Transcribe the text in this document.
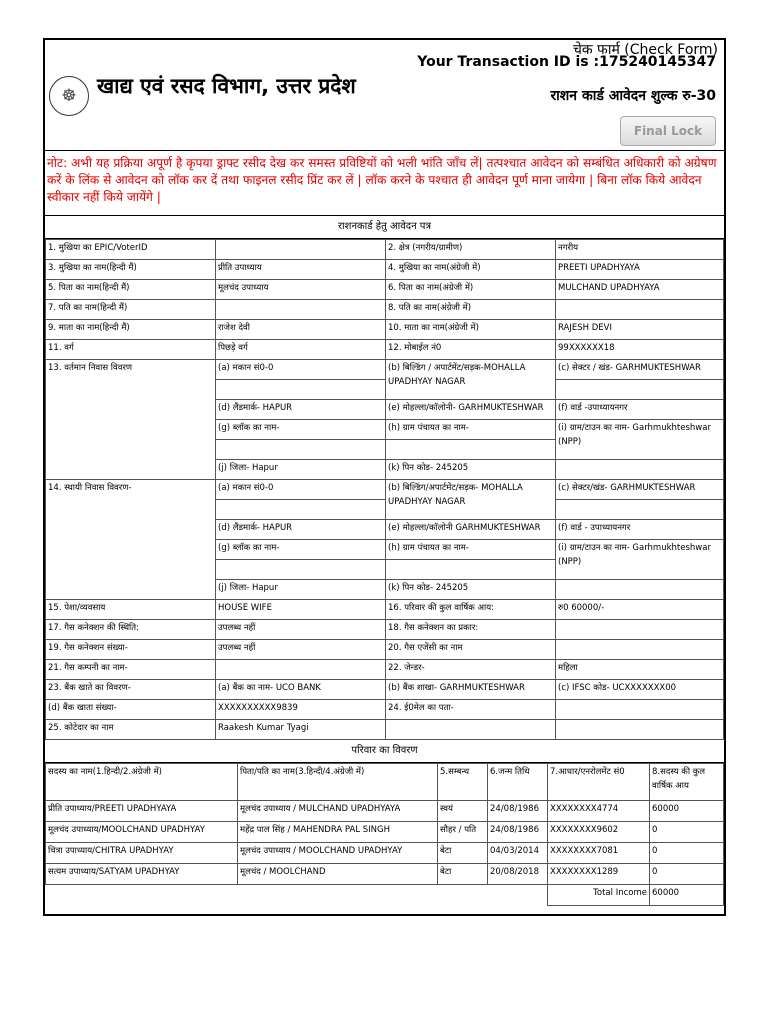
☸ खाद्य एवं रसद विभाग, उत्तर प्रदेश
चेक फार्म (Check Form)
Your Transaction ID is :175240145347
राशन कार्ड आवेदन शुल्क रु-30
Final Lock
नोट: अभी यह प्रक्रिया अपूर्ण है कृपया ड्राफ्ट रसीद देख कर समस्त प्रविष्टियों को भली भांति जाँच लें| तत्पश्चात आवेदन को सम्बंधित अधिकारी को अग्रेषण करें के लिंक से आवेदन को लॉक कर दें तथा फाइनल रसीद प्रिंट कर लें | लॉक करने के पश्चात ही आवेदन पूर्ण माना जायेगा | बिना लॉक किये आवेदन स्वीकार नहीं किये जायेंगे |
राशनकार्ड हेतु आवेदन पत्र
1. मुखिया का EPIC/VoterID		2. क्षेत्र (नगरीय/ग्रामीण)	नगरीय
3. मुखिया का नाम(हिन्दी मैं)	प्रीति उपाध्याय	4. मुखिया का नाम(अंग्रेजी में)	PREETI UPADHYAYA
5. पिता का नाम(हिन्दी मैं)	मूलचंद उपाध्याय	6. पिता का नाम(अंग्रेजी में)	MULCHAND UPADHYAYA
7. पति का नाम(हिन्दी मैं)		8. पति का नाम(अंग्रेजी में)	
9. माता का नाम(हिन्दी मैं)	राजेश देवी	10. माता का नाम(अंग्रेजी में)	RAJESH DEVI
11. वर्ग	पिछड़े वर्ग	12. मोबाईल नं0	99XXXXXX18
13. वर्तमान निवास विवरण	(a) मकान सं0-0	(b) बिल्डिंग / अपार्टमेंट/सड़क-MOHALLA UPADHYAY NAGAR	(c) सेक्टर / खंड- GARHMUKTESHWAR

	(d) लैंडमार्क- HAPUR	(e) मोहल्ला/कॉलोनी- GARHMUKTESHWAR	(f) वार्ड -उपाध्यायनगर
	(g) ब्लॉक का नाम-	(h) ग्राम पंचायत का नाम-	(i) ग्राम/टाउन का नाम- Garhmukhteshwar (NPP)

	(j) जिला- Hapur	(k) पिन कोड- 245205	
14. स्थायी निवास विवरण-	(a) मकान सं0-0	(b) बिल्डिंग/अपार्टमेंट/सड़क- MOHALLA UPADHYAY NAGAR	(c) सेक्टर/खंड- GARHMUKTESHWAR

	(d) लैंडमार्क- HAPUR	(e) मोहल्ला/कॉलोनी GARHMUKTESHWAR	(f) वार्ड - उपाध्यायनगर
	(g) ब्लॉक का नाम-	(h) ग्राम पंचायत का नाम-	(i) ग्राम/टाउन का नाम- Garhmukhteshwar (NPP)

	(j) जिला- Hapur	(k) पिन कोड- 245205	
15. पेशा/व्यवसाय	HOUSE WIFE	16. परिवार की कुल वार्षिक आय:	रु0 60000/-
17. गैस कनेक्शन की स्थिति:	उपलब्ध नहीं	18. गैस कनेक्शन का प्रकार:	
19. गैस कनेक्शन संख्या-	उपलब्ध नहीं	20. गैस एजेंसी का नाम	
21. गैस कम्पनी का नाम-		22. जेन्डर-	महिला
23. बैंक खाते का विवरण-	(a) बैंक का नाम- UCO BANK	(b) बैंक शाखा- GARHMUKTESHWAR	(c) IFSC कोड- UCXXXXXXX00
(d) बैंक खाता संख्या-	XXXXXXXXXX9839	24. ई0मेल का पता-	
25. कोटेदार का नाम	Raakesh Kumar Tyagi		
परिवार का विवरण
सदस्य का नाम(1.हिन्दी/2.अंग्रेजी में)	पिता/पति का नाम(3.हिन्दी/4.अंग्रेजी में)	5.सम्बन्ध	6.जन्म तिथि	7.आधार/एनरोलमेंट सं0	8.सदस्य की कुल वार्षिक आय
प्रीति उपाध्याय/PREETI UPADHYAYA	मूलचंद उपाध्याय / MULCHAND UPADHYAYA	स्वयं	24/08/1986	XXXXXXXX4774	60000
मूलचंद उपाध्याय/MOOLCHAND UPADHYAY	महेंद्र पाल सिंह / MAHENDRA PAL SINGH	सौहर / पति	24/08/1986	XXXXXXXX9602	0
चित्रा उपाध्याय/CHITRA UPADHYAY	मूलचंद उपाध्याय / MOOLCHAND UPADHYAY	बेटा	04/03/2014	XXXXXXXX7081	0
सत्यम उपाध्याय/SATYAM UPADHYAY	मूलचंद / MOOLCHAND	बेटा	20/08/2018	XXXXXXXX1289	0
				Total Income	60000
